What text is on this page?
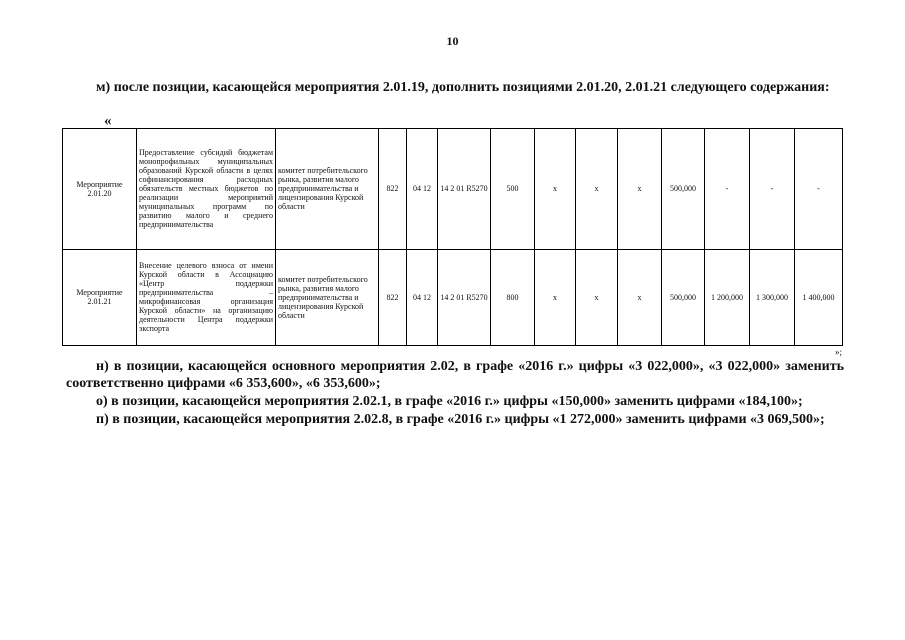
10
м) после позиции, касающейся мероприятия 2.01.19, дополнить позициями 2.01.20, 2.01.21 следующего содержания:
«
Мероприятие 2.01.20	Предоставление субсидий бюджетам монопрофильных муниципальных образований Курской области в целях софинансирования расходных обязательств местных бюджетов по реализации мероприятий муниципальных программ по развитию малого и среднего предпринимательства	комитет потребительского рынка, развития малого предпринимательства и лицензирования Курской области	822	04 12	14 2 01 R5270	500	x	x	x	500,000	-	-	-
Мероприятие 2.01.21	Внесение целевого взноса от имени Курской области в Ассоциацию «Центр поддержки предпринимательства – микрофинансовая организация Курской области» на организацию деятельности Центра поддержки экспорта	комитет потребительского рынка, развития малого предпринимательства и лицензирования Курской области	822	04 12	14 2 01 R5270	800	x	x	x	500,000	1 200,000	1 300,000	1 400,000
»;
н) в позиции, касающейся основного мероприятия 2.02, в графе «2016 г.» цифры «3 022,000», «3 022,000» заменить соответственно цифрами «6 353,600», «6 353,600»;
о) в позиции, касающейся мероприятия 2.02.1, в графе «2016 г.» цифры «150,000» заменить цифрами «184,100»;
п) в позиции, касающейся мероприятия 2.02.8, в графе «2016 г.» цифры «1 272,000» заменить цифрами «3 069,500»;
